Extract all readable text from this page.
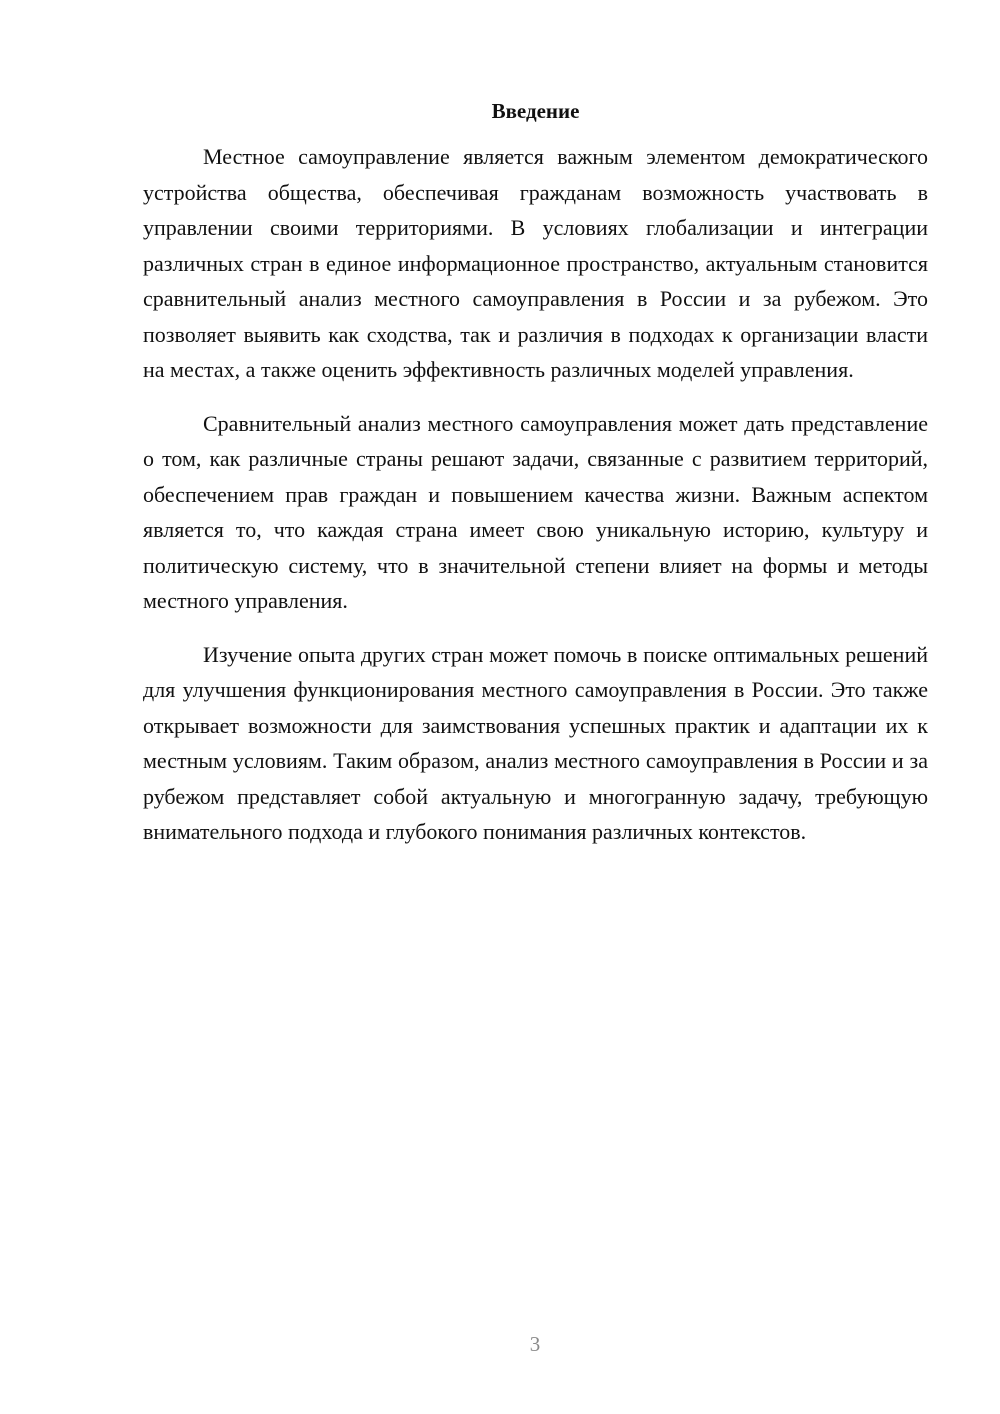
Введение

Местное самоуправление является важным элементом демократического устройства общества, обеспечивая гражданам возможность участвовать в управлении своими территориями. В условиях глобализации и интеграции различных стран в единое информационное пространство, актуальным становится сравнительный анализ местного самоуправления в России и за рубежом. Это позволяет выявить как сходства, так и различия в подходах к организации власти на местах, а также оценить эффективность различных моделей управления.

Сравнительный анализ местного самоуправления может дать представление о том, как различные страны решают задачи, связанные с развитием территорий, обеспечением прав граждан и повышением качества жизни. Важным аспектом является то, что каждая страна имеет свою уникальную историю, культуру и политическую систему, что в значительной степени влияет на формы и методы местного управления.

Изучение опыта других стран может помочь в поиске оптимальных решений для улучшения функционирования местного самоуправления в России. Это также открывает возможности для заимствования успешных практик и адаптации их к местным условиям. Таким образом, анализ местного самоуправления в России и за рубежом представляет собой актуальную и многогранную задачу, требующую внимательного подхода и глубокого понимания различных контекстов.

3
